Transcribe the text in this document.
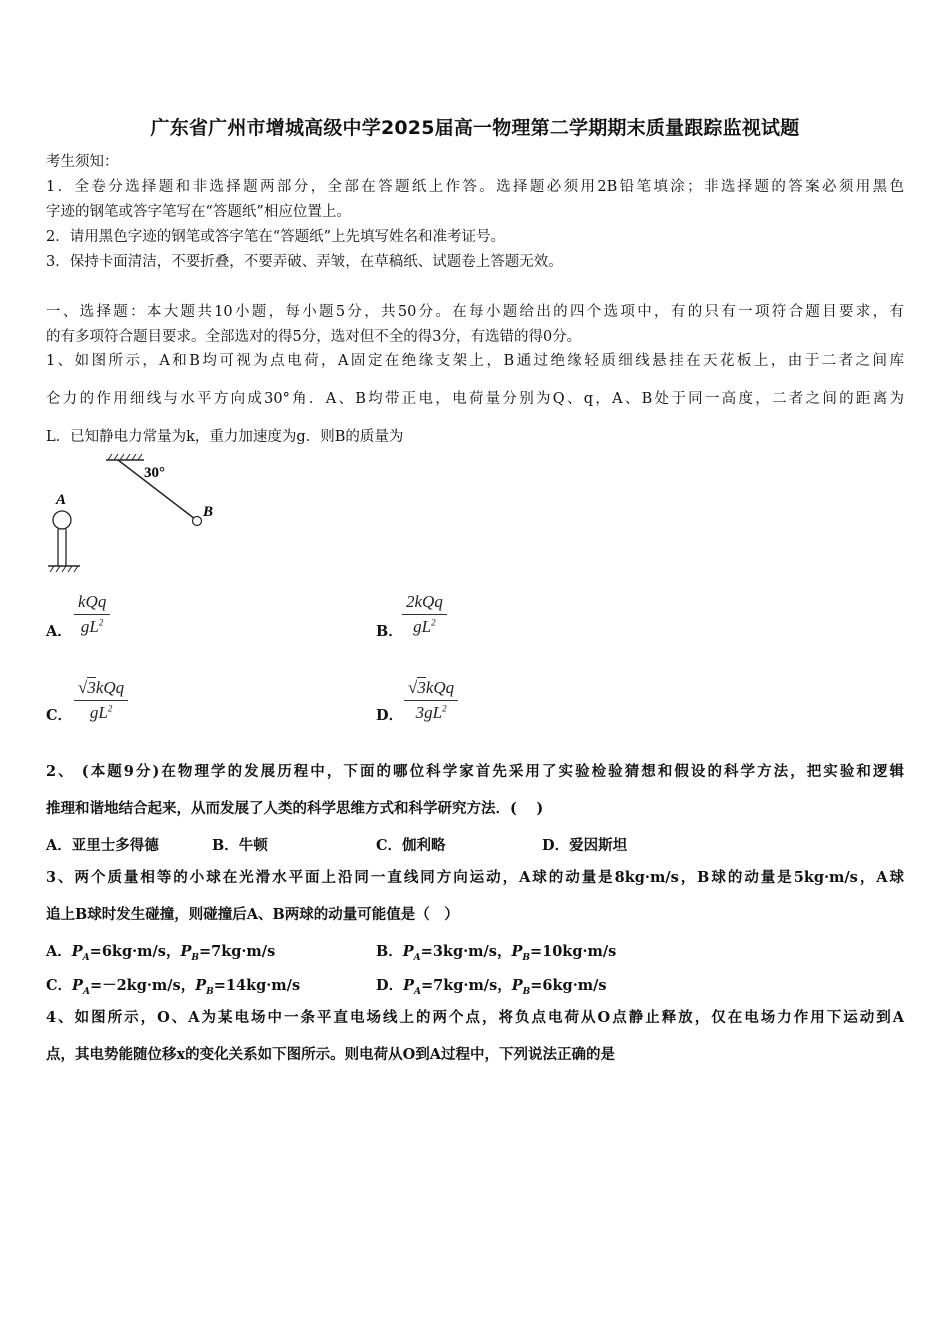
广东省广州市增城高级中学2025届高一物理第二学期期末质量跟踪监视试题
考生须知：
1．全卷分选择题和非选择题两部分，全部在答题纸上作答。选择题必须用2B铅笔填涂；非选择题的答案必须用黑色
字迹的钢笔或答字笔写在“答题纸”相应位置上。
2．请用黑色字迹的钢笔或答字笔在“答题纸”上先填写姓名和准考证号。
3．保持卡面清洁，不要折叠，不要弄破、弄皱，在草稿纸、试题卷上答题无效。
一、选择题：本大题共10小题，每小题5分，共50分。在每小题给出的四个选项中，有的只有一项符合题目要求，有
的有多项符合题目要求。全部选对的得5分，选对但不全的得3分，有选错的得0分。
1、如图所示，A和B均可视为点电荷，A固定在绝缘支架上，B通过绝缘轻质细线悬挂在天花板上，由于二者之间库
仑力的作用细线与水平方向成30°角．A、B均带正电，电荷量分别为Q、q，A、B处于同一高度，二者之间的距离为
L．已知静电力常量为k，重力加速度为g．则B的质量为
30°
B
A
A．
kQq
$gL^2$
B．
2kQq
$gL^2$
C．
√3kQq
$gL^2$	D．
√3kQq
$3gL^2$
2、 (本题9分)在物理学的发展历程中，下面的哪位科学家首先采用了实验检验猜想和假设的科学方法，把实验和逻辑
推理和谐地结合起来，从而发展了人类的科学思维方式和科学研究方法．(　 )
A．亚里士多得德	B．牛顿	C．伽利略	D．爱因斯坦
3、两个质量相等的小球在光滑水平面上沿同一直线同方向运动，A球的动量是8kg·m/s，B球的动量是5kg·m/s，A球
追上B球时发生碰撞，则碰撞后A、B两球的动量可能值是（　）
A．$P_A=6kg\cdot m/s$，$P_B=7kg\cdot m/s$	B．$P_A=3kg\cdot m/s$，$P_B=10kg\cdot m/s$
C．$P_A=-2kg\cdot m/s$，$P_B=14kg\cdot m/s$	D．$P_A=7kg\cdot m/s$，$P_B=6kg\cdot m/s$
4、如图所示，O、A为某电场中一条平直电场线上的两个点，将负点电荷从O点静止释放，仅在电场力作用下运动到A
点，其电势能随位移x的变化关系如下图所示。则电荷从O到A过程中，下列说法正确的是
